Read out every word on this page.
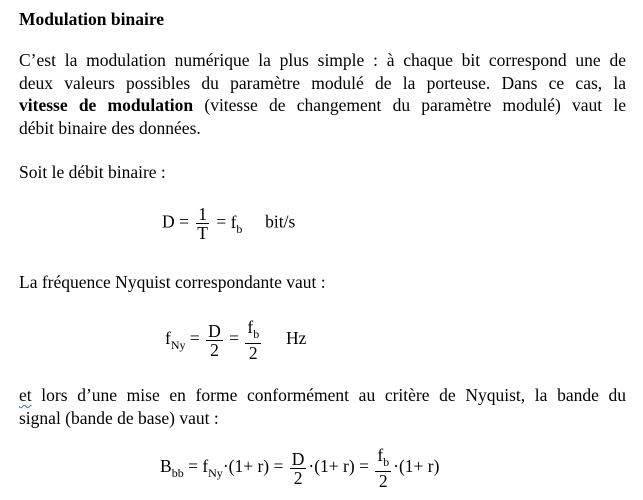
Modulation binaire
C’est la modulation numérique la plus simple : à chaque bit correspond une de
deux valeurs possibles du paramètre modulé de la porteuse. Dans ce cas, la
vitesse de modulation (vitesse de changement du paramètre modulé) vaut le
débit binaire des données.

Soit le débit binaire :

$D = \frac{1}{T} = f_b$ bit/s

La fréquence Nyquist correspondante vaut :

$f_{Ny} = \frac{D}{2} = \frac{f_b}{2}$ Hz
et lors d’une mise en forme conformément au critère de Nyquist, la bande du
signal (bande de base) vaut :
$B_{bb} = f_{Ny}\cdot(1+ r) = \frac{D}{2} \cdot(1+ r) = \frac{f_b}{2} \cdot(1+ r)$
